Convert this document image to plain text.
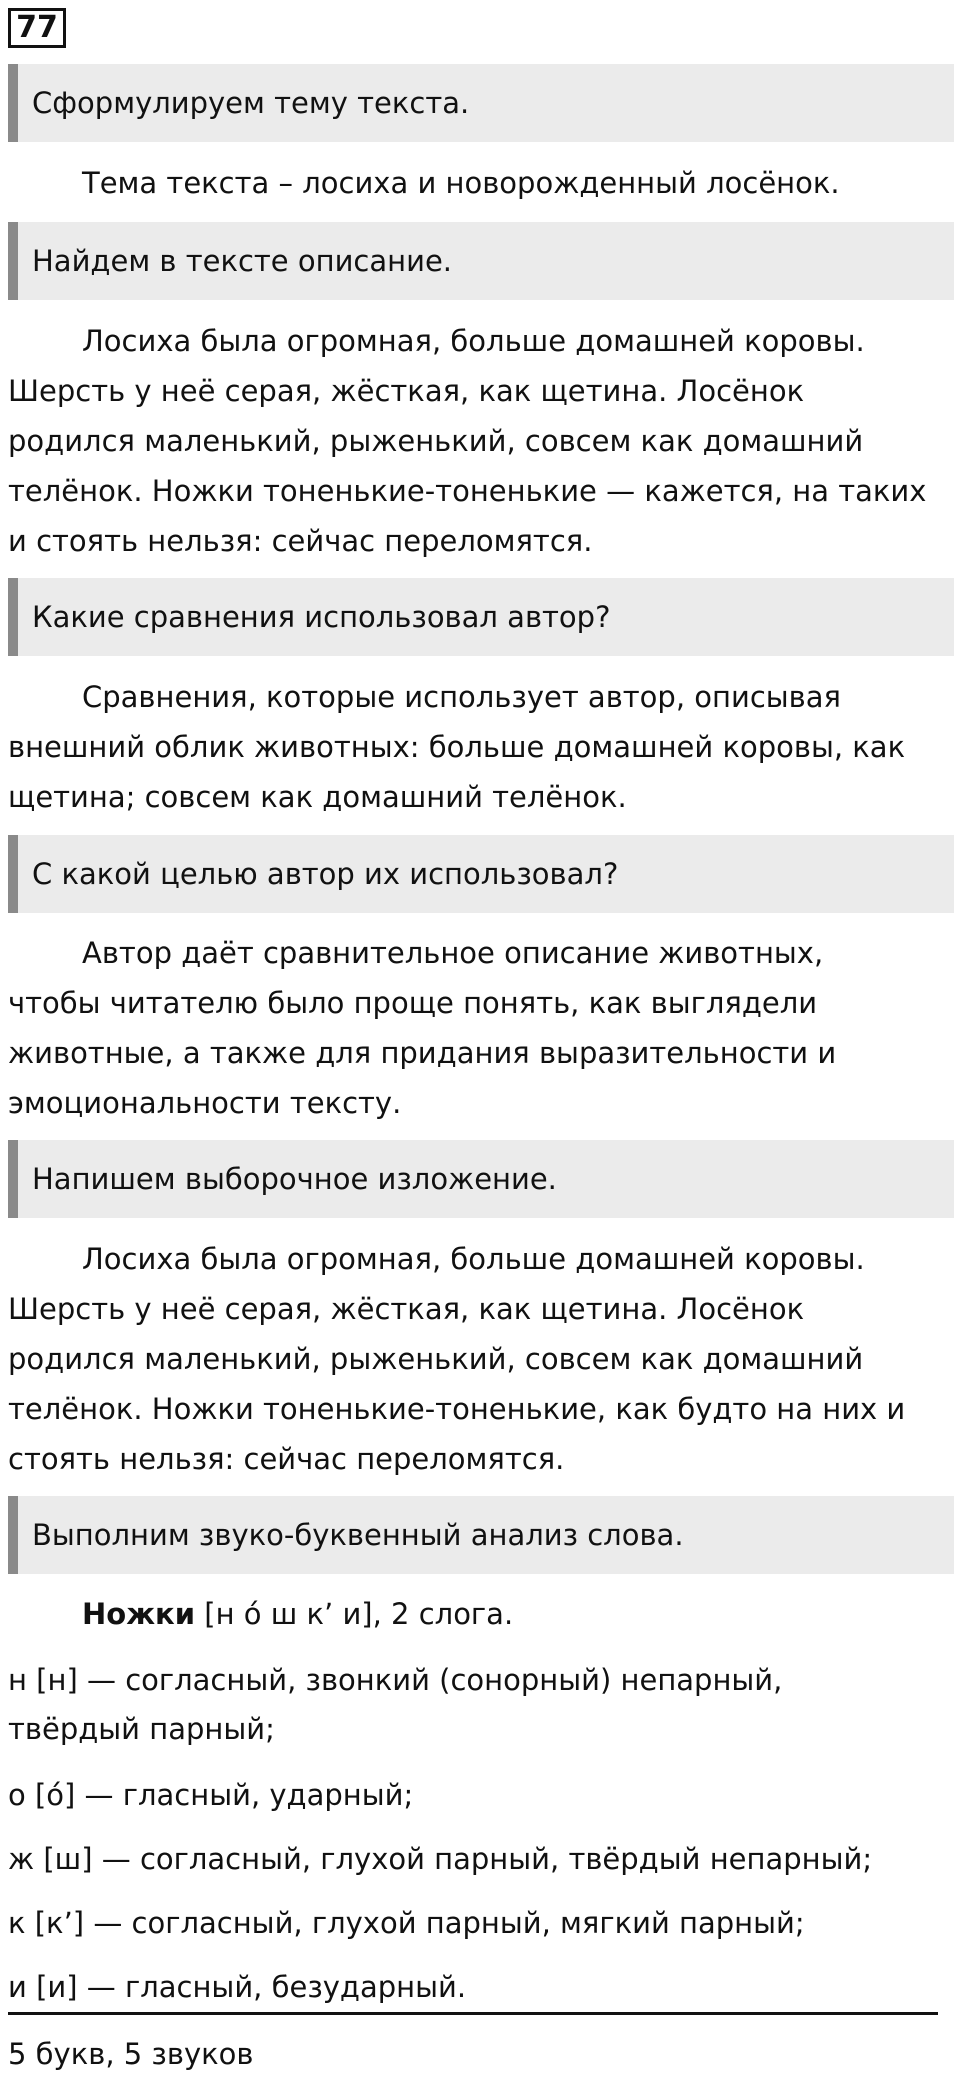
77
Сформулируем тему текста.
Тема текста – лосиха и новорожденный лосёнок.
Найдем в тексте описание.
Лосиха была огромная, больше домашней коровы.
Шерсть у неё серая, жёсткая, как щетина. Лосёнок
родился маленький, рыженький, совсем как домашний
телёнок. Ножки тоненькие-тоненькие — кажется, на таких
и стоять нельзя: сейчас переломятся.
Какие сравнения использовал автор?
Сравнения, которые использует автор, описывая
внешний облик животных: больше домашней коровы, как
щетина; совсем как домашний телёнок.
С какой целью автор их использовал?
Автор даёт сравнительное описание животных,
чтобы читателю было проще понять, как выглядели
животные, а также для придания выразительности и
эмоциональности тексту.
Напишем выборочное изложение.
Лосиха была огромная, больше домашней коровы.
Шерсть у неё серая, жёсткая, как щетина. Лосёнок
родился маленький, рыженький, совсем как домашний
телёнок. Ножки тоненькие-тоненькие, как будто на них и
стоять нельзя: сейчас переломятся.
Выполним звуко-буквенный анализ слова.
Ножки [н о́ ш к’ и], 2 слога.
н [н] — согласный, звонкий (сонорный) непарный,
твёрдый парный;
о [о́] — гласный, ударный;
ж [ш] — согласный, глухой парный, твёрдый непарный;
к [к’] — согласный, глухой парный, мягкий парный;
и [и] — гласный, безударный.
5 букв, 5 звуков
